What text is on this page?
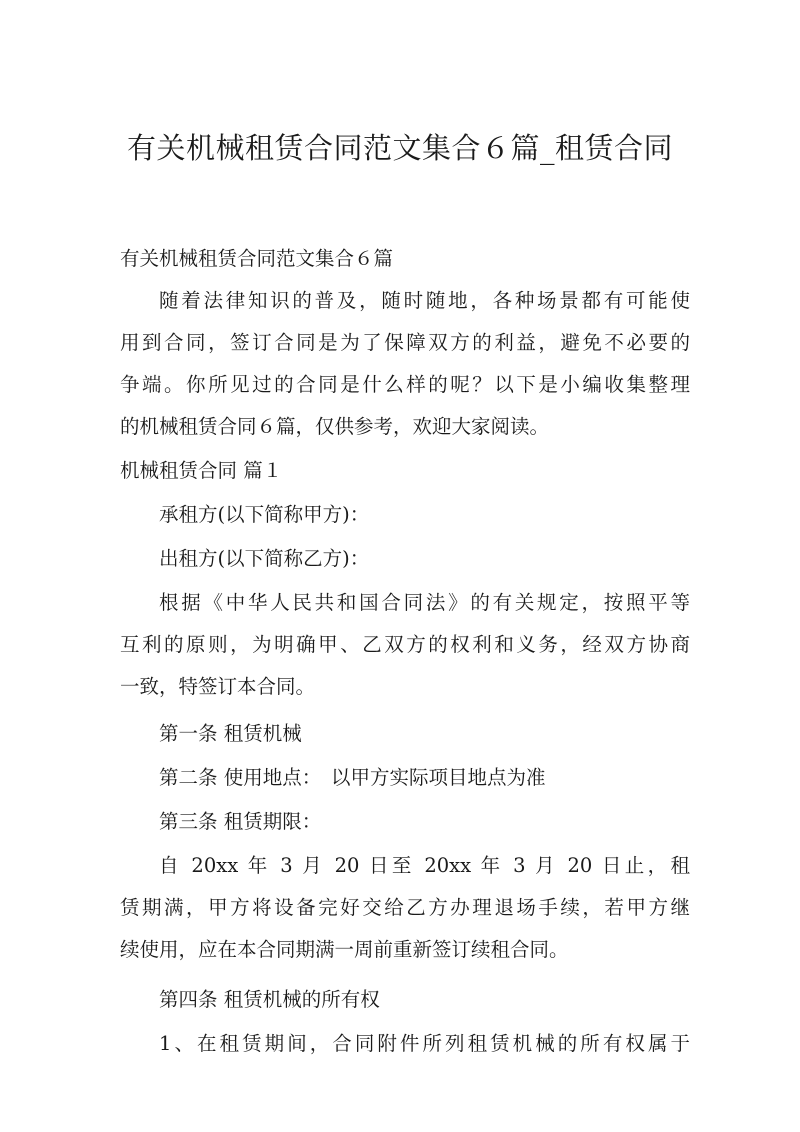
有关机械租赁合同范文集合６篇_租赁合同
有关机械租赁合同范文集合６篇
随着法律知识的普及，随时随地，各种场景都有可能使
用到合同，签订合同是为了保障双方的利益，避免不必要的
争端。你所见过的合同是什么样的呢？以下是小编收集整理
的机械租赁合同６篇，仅供参考，欢迎大家阅读。
机械租赁合同 篇１
承租方(以下简称甲方)：
出租方(以下简称乙方)：
根据《中华人民共和国合同法》的有关规定，按照平等
互利的原则，为明确甲、乙双方的权利和义务，经双方协商
一致，特签订本合同。
第一条 租赁机械
第二条 使用地点：　以甲方实际项目地点为准
第三条 租赁期限：
自 20xx 年 3 月 20 日至 20xx 年 3 月 20 日止，租
赁期满，甲方将设备完好交给乙方办理退场手续，若甲方继
续使用，应在本合同期满一周前重新签订续租合同。
第四条 租赁机械的所有权
1、在租赁期间，合同附件所列租赁机械的所有权属于
